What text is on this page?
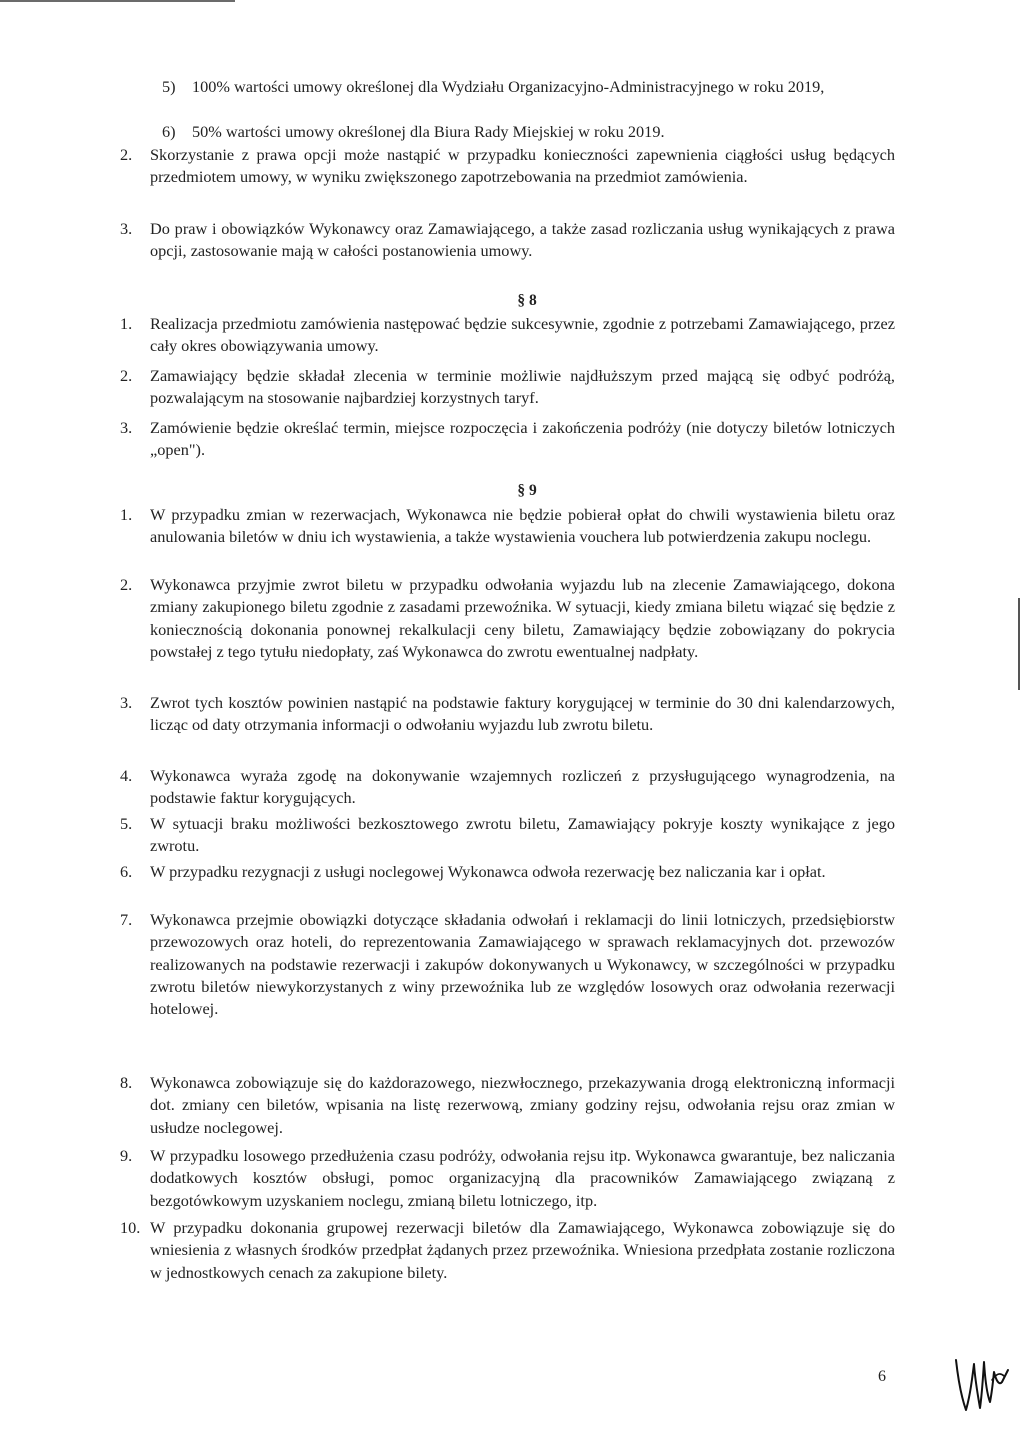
5)	100% wartości umowy określonej dla Wydziału Organizacyjno-Administracyjnego w roku 2019,
6)	50% wartości umowy określonej dla Biura Rady Miejskiej w roku 2019.
2.	Skorzystanie z prawa opcji może nastąpić w przypadku konieczności zapewnienia ciągłości usług będących przedmiotem umowy, w wyniku zwiększonego zapotrzebowania na przedmiot zamówienia.
3.	Do praw i obowiązków Wykonawcy oraz Zamawiającego, a także zasad rozliczania usług wynikających z prawa opcji, zastosowanie mają w całości postanowienia umowy.
§ 8
1.	Realizacja przedmiotu zamówienia następować będzie sukcesywnie, zgodnie z potrzebami Zamawiającego, przez cały okres obowiązywania umowy.
2.	Zamawiający będzie składał zlecenia w terminie możliwie najdłuższym przed mającą się odbyć podróżą, pozwalającym na stosowanie najbardziej korzystnych taryf.
3.	Zamówienie będzie określać termin, miejsce rozpoczęcia i zakończenia podróży (nie dotyczy biletów lotniczych „open").
§ 9
1.	W przypadku zmian w rezerwacjach, Wykonawca nie będzie pobierał opłat do chwili wystawienia biletu oraz anulowania biletów w dniu ich wystawienia, a także wystawienia vouchera lub potwierdzenia zakupu noclegu.
2.	Wykonawca przyjmie zwrot biletu w przypadku odwołania wyjazdu lub na zlecenie Zamawiającego, dokona zmiany zakupionego biletu zgodnie z zasadami przewoźnika. W sytuacji, kiedy zmiana biletu wiązać się będzie z koniecznością dokonania ponownej rekalkulacji ceny biletu, Zamawiający będzie zobowiązany do pokrycia powstałej z tego tytułu niedopłaty, zaś Wykonawca do zwrotu ewentualnej nadpłaty.
3.	Zwrot tych kosztów powinien nastąpić na podstawie faktury korygującej w terminie do 30 dni kalendarzowych, licząc od daty otrzymania informacji o odwołaniu wyjazdu lub zwrotu biletu.
4.	Wykonawca wyraża zgodę na dokonywanie wzajemnych rozliczeń z przysługującego wynagrodzenia, na podstawie faktur korygujących.
5.	W sytuacji braku możliwości bezkosztowego zwrotu biletu, Zamawiający pokryje koszty wynikające z jego zwrotu.
6.	W przypadku rezygnacji z usługi noclegowej Wykonawca odwoła rezerwację bez naliczania kar i opłat.
7.	Wykonawca przejmie obowiązki dotyczące składania odwołań i reklamacji do linii lotniczych, przedsiębiorstw przewozowych oraz hoteli, do reprezentowania Zamawiającego w sprawach reklamacyjnych dot. przewozów realizowanych na podstawie rezerwacji i zakupów dokonywanych u Wykonawcy, w szczególności w przypadku zwrotu biletów niewykorzystanych z winy przewoźnika lub ze względów losowych oraz odwołania rezerwacji hotelowej.
8.	Wykonawca zobowiązuje się do każdorazowego, niezwłocznego, przekazywania drogą elektroniczną informacji dot. zmiany cen biletów, wpisania na listę rezerwową, zmiany godziny rejsu, odwołania rejsu oraz zmian w usłudze noclegowej.
9.	W przypadku losowego przedłużenia czasu podróży, odwołania rejsu itp. Wykonawca gwarantuje, bez naliczania dodatkowych kosztów obsługi, pomoc organizacyjną dla pracowników Zamawiającego związaną z bezgotówkowym uzyskaniem noclegu, zmianą biletu lotniczego, itp.
10. W przypadku dokonania grupowej rezerwacji biletów dla Zamawiającego, Wykonawca zobowiązuje się do wniesienia z własnych środków przedpłat żądanych przez przewoźnika. Wniesiona przedpłata zostanie rozliczona w jednostkowych cenach za zakupione bilety.
6
